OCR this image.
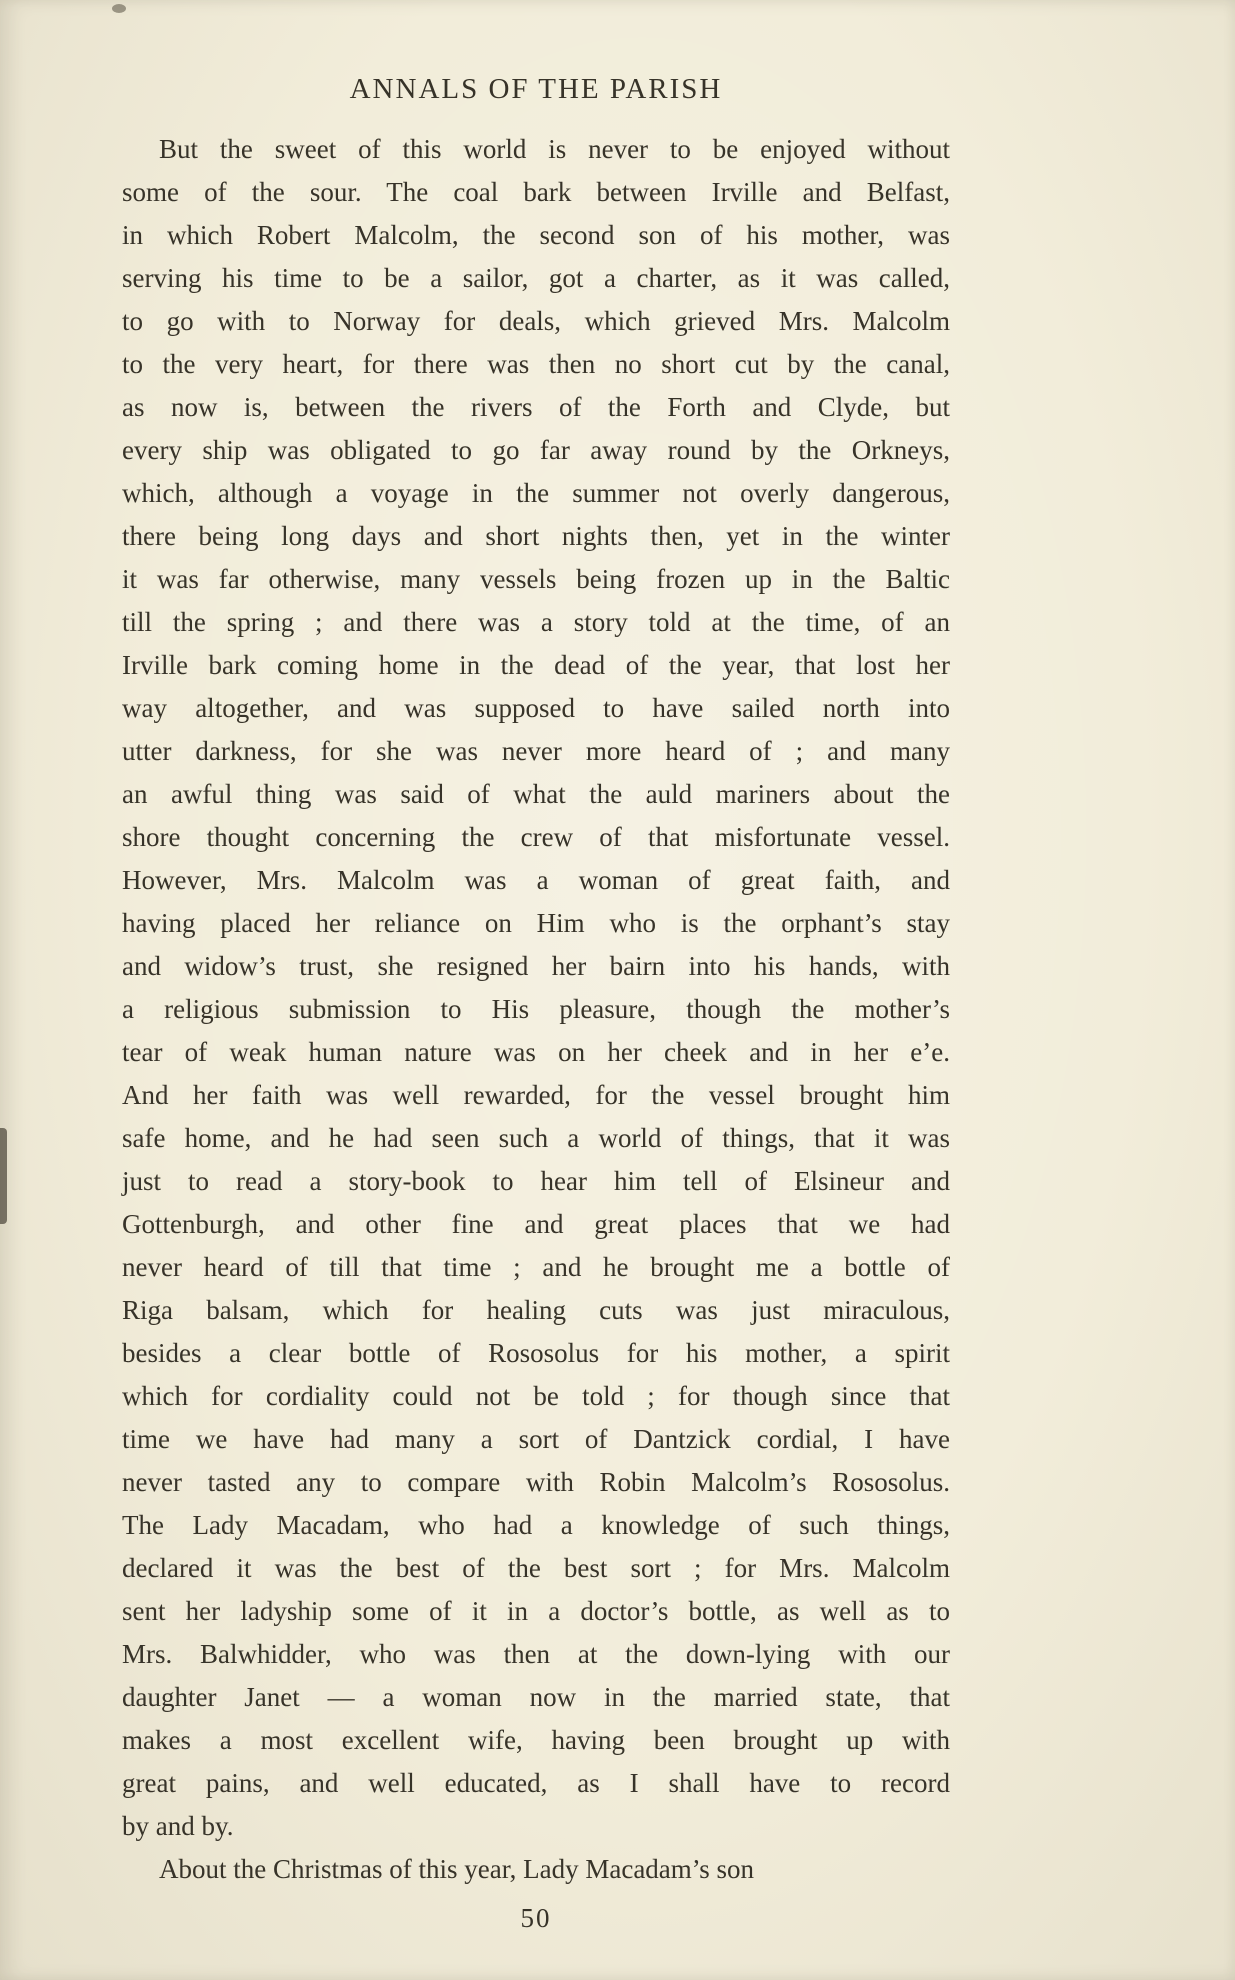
ANNALS OF THE PARISH
But the sweet of this world is never to be enjoyed without
some of the sour. The coal bark between Irville and Belfast,
in which Robert Malcolm, the second son of his mother, was
serving his time to be a sailor, got a charter, as it was called,
to go with to Norway for deals, which grieved Mrs. Malcolm
to the very heart, for there was then no short cut by the canal,
as now is, between the rivers of the Forth and Clyde, but
every ship was obligated to go far away round by the Orkneys,
which, although a voyage in the summer not overly dangerous,
there being long days and short nights then, yet in the winter
it was far otherwise, many vessels being frozen up in the Baltic
till the spring ; and there was a story told at the time, of an
Irville bark coming home in the dead of the year, that lost her
way altogether, and was supposed to have sailed north into
utter darkness, for she was never more heard of ; and many
an awful thing was said of what the auld mariners about the
shore thought concerning the crew of that misfortunate vessel.
However, Mrs. Malcolm was a woman of great faith, and
having placed her reliance on Him who is the orphant’s stay
and widow’s trust, she resigned her bairn into his hands, with
a religious submission to His pleasure, though the mother’s
tear of weak human nature was on her cheek and in her e’e.
And her faith was well rewarded, for the vessel brought him
safe home, and he had seen such a world of things, that it was
just to read a story-book to hear him tell of Elsineur and
Gottenburgh, and other fine and great places that we had
never heard of till that time ; and he brought me a bottle of
Riga balsam, which for healing cuts was just miraculous,
besides a clear bottle of Rososolus for his mother, a spirit
which for cordiality could not be told ; for though since that
time we have had many a sort of Dantzick cordial, I have
never tasted any to compare with Robin Malcolm’s Rososolus.
The Lady Macadam, who had a knowledge of such things,
declared it was the best of the best sort ; for Mrs. Malcolm
sent her ladyship some of it in a doctor’s bottle, as well as to
Mrs. Balwhidder, who was then at the down-lying with our
daughter Janet — a woman now in the married state, that
makes a most excellent wife, having been brought up with
great pains, and well educated, as I shall have to record
by and by.
About the Christmas of this year, Lady Macadam’s son
50
